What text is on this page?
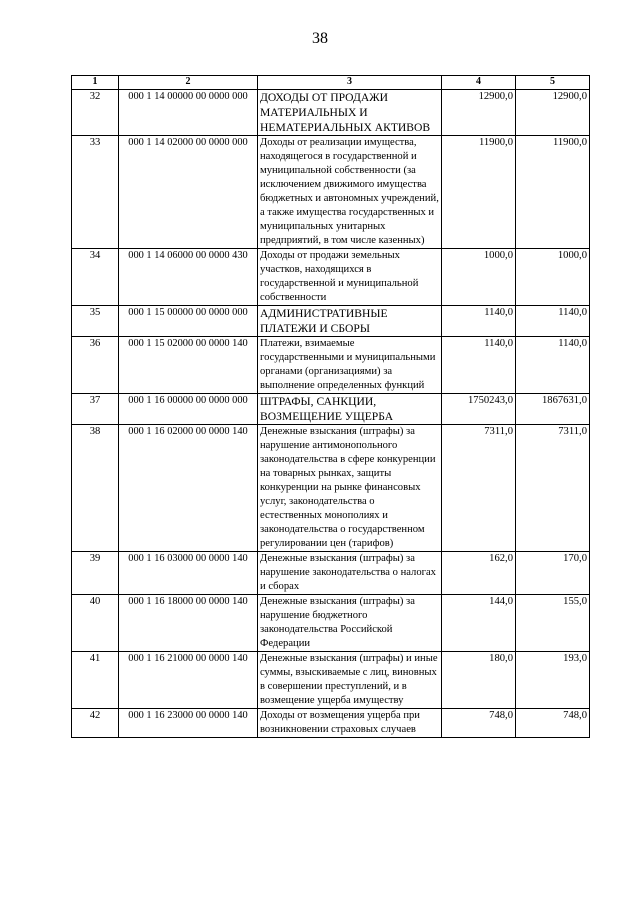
38
1	2	3	4	5
32	000 1 14 00000 00 0000 000	ДОХОДЫ ОТ ПРОДАЖИ МАТЕРИАЛЬНЫХ И НЕМАТЕРИАЛЬНЫХ АКТИВОВ	12900,0	12900,0
33	000 1 14 02000 00 0000 000	Доходы от реализации имущества, находящегося в государственной и муниципальной собственности (за исключением движимого имущества бюджетных и автономных учреждений, а также имущества государственных и муниципальных унитарных предприятий, в том числе казенных)	11900,0	11900,0
34	000 1 14 06000 00 0000 430	Доходы от продажи земельных участков, находящихся в государственной и муниципальной собственности	1000,0	1000,0
35	000 1 15 00000 00 0000 000	АДМИНИСТРАТИВНЫЕ ПЛАТЕЖИ И СБОРЫ	1140,0	1140,0
36	000 1 15 02000 00 0000 140	Платежи, взимаемые государственными и муниципальными органами (организациями) за выполнение определенных функций	1140,0	1140,0
37	000 1 16 00000 00 0000 000	ШТРАФЫ, САНКЦИИ, ВОЗМЕЩЕНИЕ УЩЕРБА	1750243,0	1867631,0
38	000 1 16 02000 00 0000 140	Денежные взыскания (штрафы) за нарушение антимонопольного законодательства в сфере конкуренции на товарных рынках, защиты конкуренции на рынке финансовых услуг, законодательства о естественных монополиях и законодательства о государственном регулировании цен (тарифов)	7311,0	7311,0
39	000 1 16 03000 00 0000 140	Денежные взыскания (штрафы) за нарушение законодательства о налогах и сборах	162,0	170,0
40	000 1 16 18000 00 0000 140	Денежные взыскания (штрафы) за нарушение бюджетного законодательства Российской Федерации	144,0	155,0
41	000 1 16 21000 00 0000 140	Денежные взыскания (штрафы) и иные суммы, взыскиваемые с лиц, виновных в совершении преступлений, и в возмещение ущерба имуществу	180,0	193,0
42	000 1 16 23000 00 0000 140	Доходы от возмещения ущерба при возникновении страховых случаев	748,0	748,0
